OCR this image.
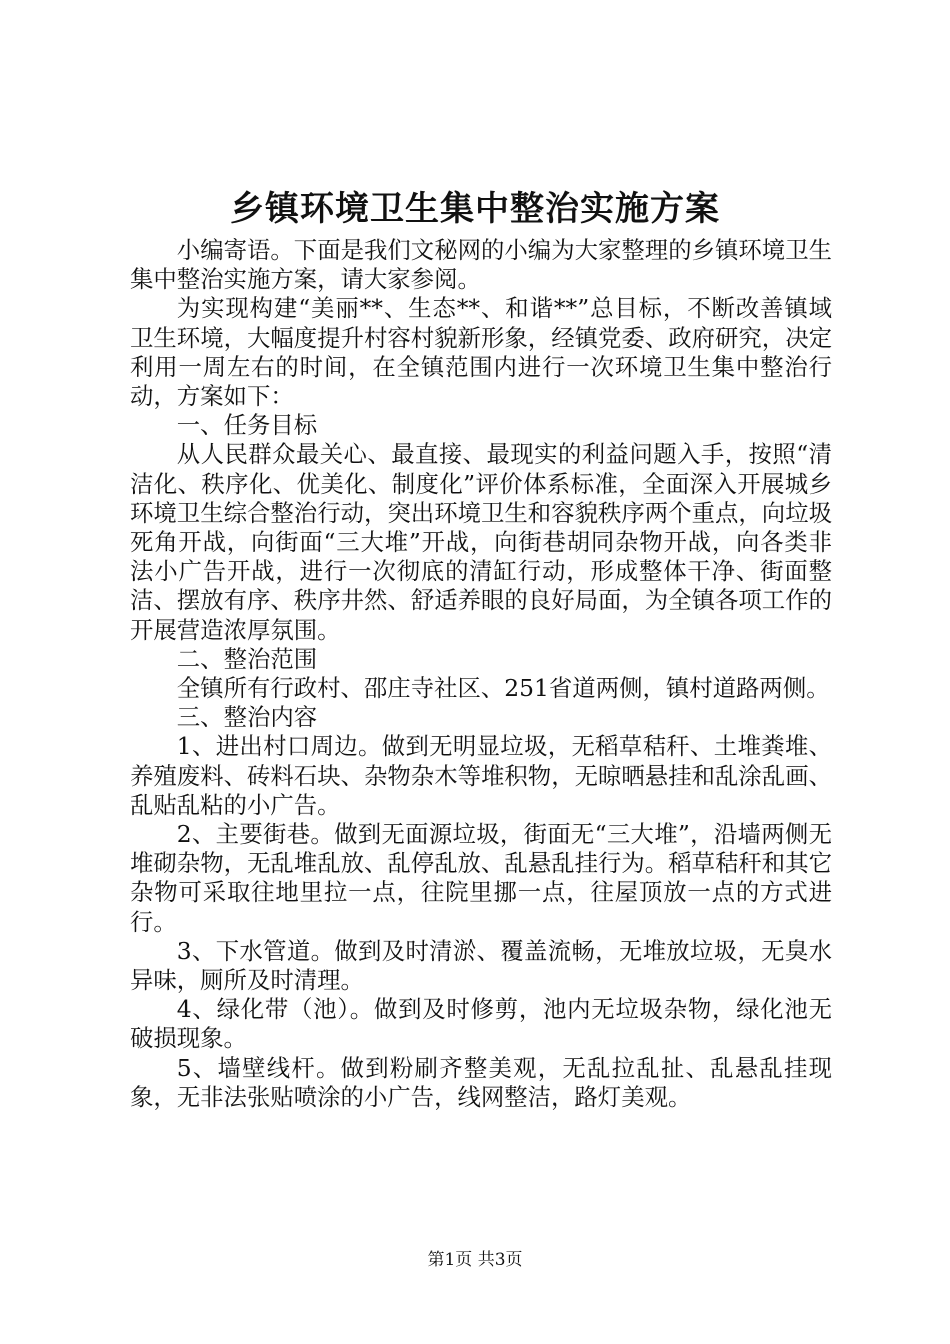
乡镇环境卫生集中整治实施方案

小编寄语。下面是我们文秘网的小编为大家整理的乡镇环境卫生集中整治实施方案，请大家参阅。

为实现构建“美丽**、生态**、和谐**”总目标，不断改善镇域卫生环境，大幅度提升村容村貌新形象，经镇党委、政府研究，决定利用一周左右的时间，在全镇范围内进行一次环境卫生集中整治行动，方案如下：

一、任务目标

从人民群众最关心、最直接、最现实的利益问题入手，按照“清洁化、秩序化、优美化、制度化”评价体系标准，全面深入开展城乡环境卫生综合整治行动，突出环境卫生和容貌秩序两个重点，向垃圾死角开战，向街面“三大堆”开战，向街巷胡同杂物开战，向各类非法小广告开战，进行一次彻底的清缸行动，形成整体干净、街面整洁、摆放有序、秩序井然、舒适养眼的良好局面，为全镇各项工作的开展营造浓厚氛围。

二、整治范围

全镇所有行政村、邵庄寺社区、251省道两侧，镇村道路两侧。

三、整治内容

1、进出村口周边。做到无明显垃圾，无稻草秸秆、土堆粪堆、养殖废料、砖料石块、杂物杂木等堆积物，无晾晒悬挂和乱涂乱画、乱贴乱粘的小广告。

2、主要街巷。做到无面源垃圾，街面无“三大堆”，沿墙两侧无堆砌杂物，无乱堆乱放、乱停乱放、乱悬乱挂行为。稻草秸秆和其它杂物可采取往地里拉一点，往院里挪一点，往屋顶放一点的方式进行。

3、下水管道。做到及时清淤、覆盖流畅，无堆放垃圾，无臭水异味，厕所及时清理。

4、绿化带（池）。做到及时修剪，池内无垃圾杂物，绿化池无破损现象。

5、墙壁线杆。做到粉刷齐整美观，无乱拉乱扯、乱悬乱挂现象，无非法张贴喷涂的小广告，线网整洁，路灯美观。

第1页 共3页
